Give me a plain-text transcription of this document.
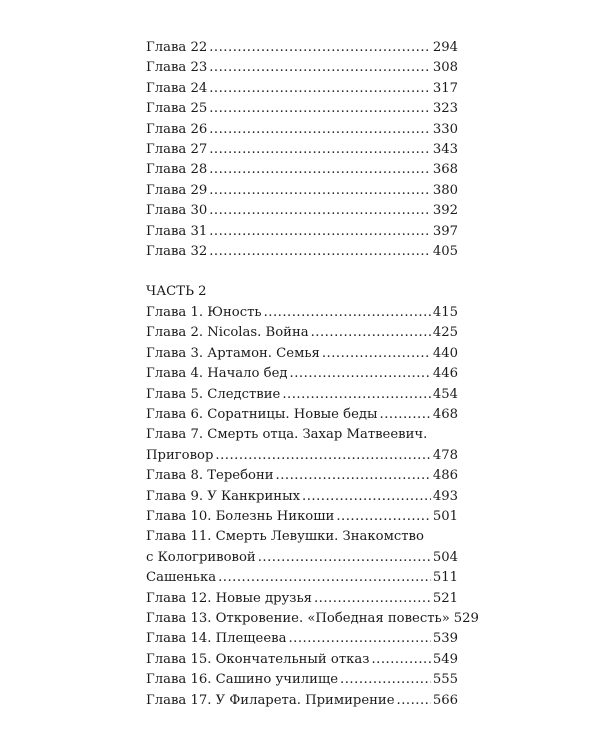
Глава 22 .....	294
Глава 23 .....	308
Глава 24 .....	317
Глава 25 .....	323
Глава 26 .....	330
Глава 27 .....	343
Глава 28 .....	368
Глава 29 .....	380
Глава 30 .....	392
Глава 31 .....	397
Глава 32 .....	405
ЧАСТЬ 2
Глава 1. Юность .....	415
Глава 2. Nicolas. Война .....	425
Глава 3. Артамон. Семья .....	440
Глава 4. Начало бед .....	446
Глава 5. Следствие .....	454
Глава 6. Соратницы. Новые беды .....	468
Глава 7. Смерть отца. Захар Матвеевич.
Приговор .....	478
Глава 8. Теребони .....	486
Глава 9. У Канкриных .....	493
Глава 10. Болезнь Никоши .....	501
Глава 11. Смерть Левушки. Знакомство
с Кологривовой .....	504
Сашенька .....	511
Глава 12. Новые друзья .....	521
Глава 13. Откровение. «Победная повесть» 529
Глава 14. Плещеева .....	539
Глава 15. Окончательный отказ .....	549
Глава 16. Сашино училище .....	555
Глава 17. У Филарета. Примирение .....	566
